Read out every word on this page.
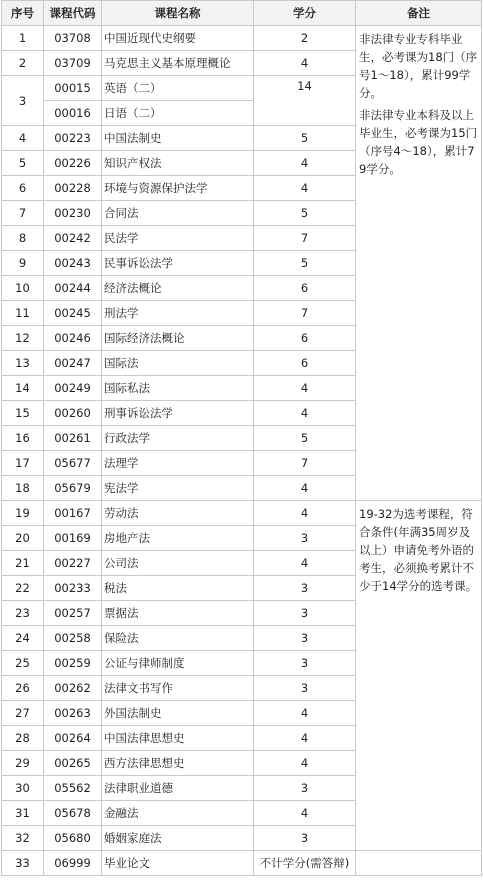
序号	课程代码	课程名称	学分	备注
1	03708	中国近现代史纲要	2	非法律专业专科毕业生，必考课为18门（序号1～18），累计99学分。
非法律专业本科及以上毕业生，必考课为15门（序号4～18），累计79学分。

2	03709	马克思主义基本原理概论	4	
3	00015	英语（二）	14	
	00016	日语（二）		
4	00223	中国法制史	5	
5	00226	知识产权法	4	
6	00228	环境与资源保护法学	4	
7	00230	合同法	5	
8	00242	民法学	7	
9	00243	民事诉讼法学	5	
10	00244	经济法概论	6	
11	00245	刑法学	7	
12	00246	国际经济法概论	6	
13	00247	国际法	6	
14	00249	国际私法	4	
15	00260	刑事诉讼法学	4	
16	00261	行政法学	5	
17	05677	法理学	7	
18	05679	宪法学	4	
19	00167	劳动法	4	19-32为选考课程，符合条件(年满35周岁及以上）申请免考外语的考生，必须换考累计不少于14学分的选考课。
20	00169	房地产法	3	
21	00227	公司法	4	
22	00233	税法	3	
23	00257	票据法	3	
24	00258	保险法	3	
25	00259	公证与律师制度	3	
26	00262	法律文书写作	3	
27	00263	外国法制史	4	
28	00264	中国法律思想史	4	
29	00265	西方法律思想史	4	
30	05562	法律职业道德	3	
31	05678	金融法	4	
32	05680	婚姻家庭法	3	
33	06999	毕业论文	不计学分(需答辩)	
